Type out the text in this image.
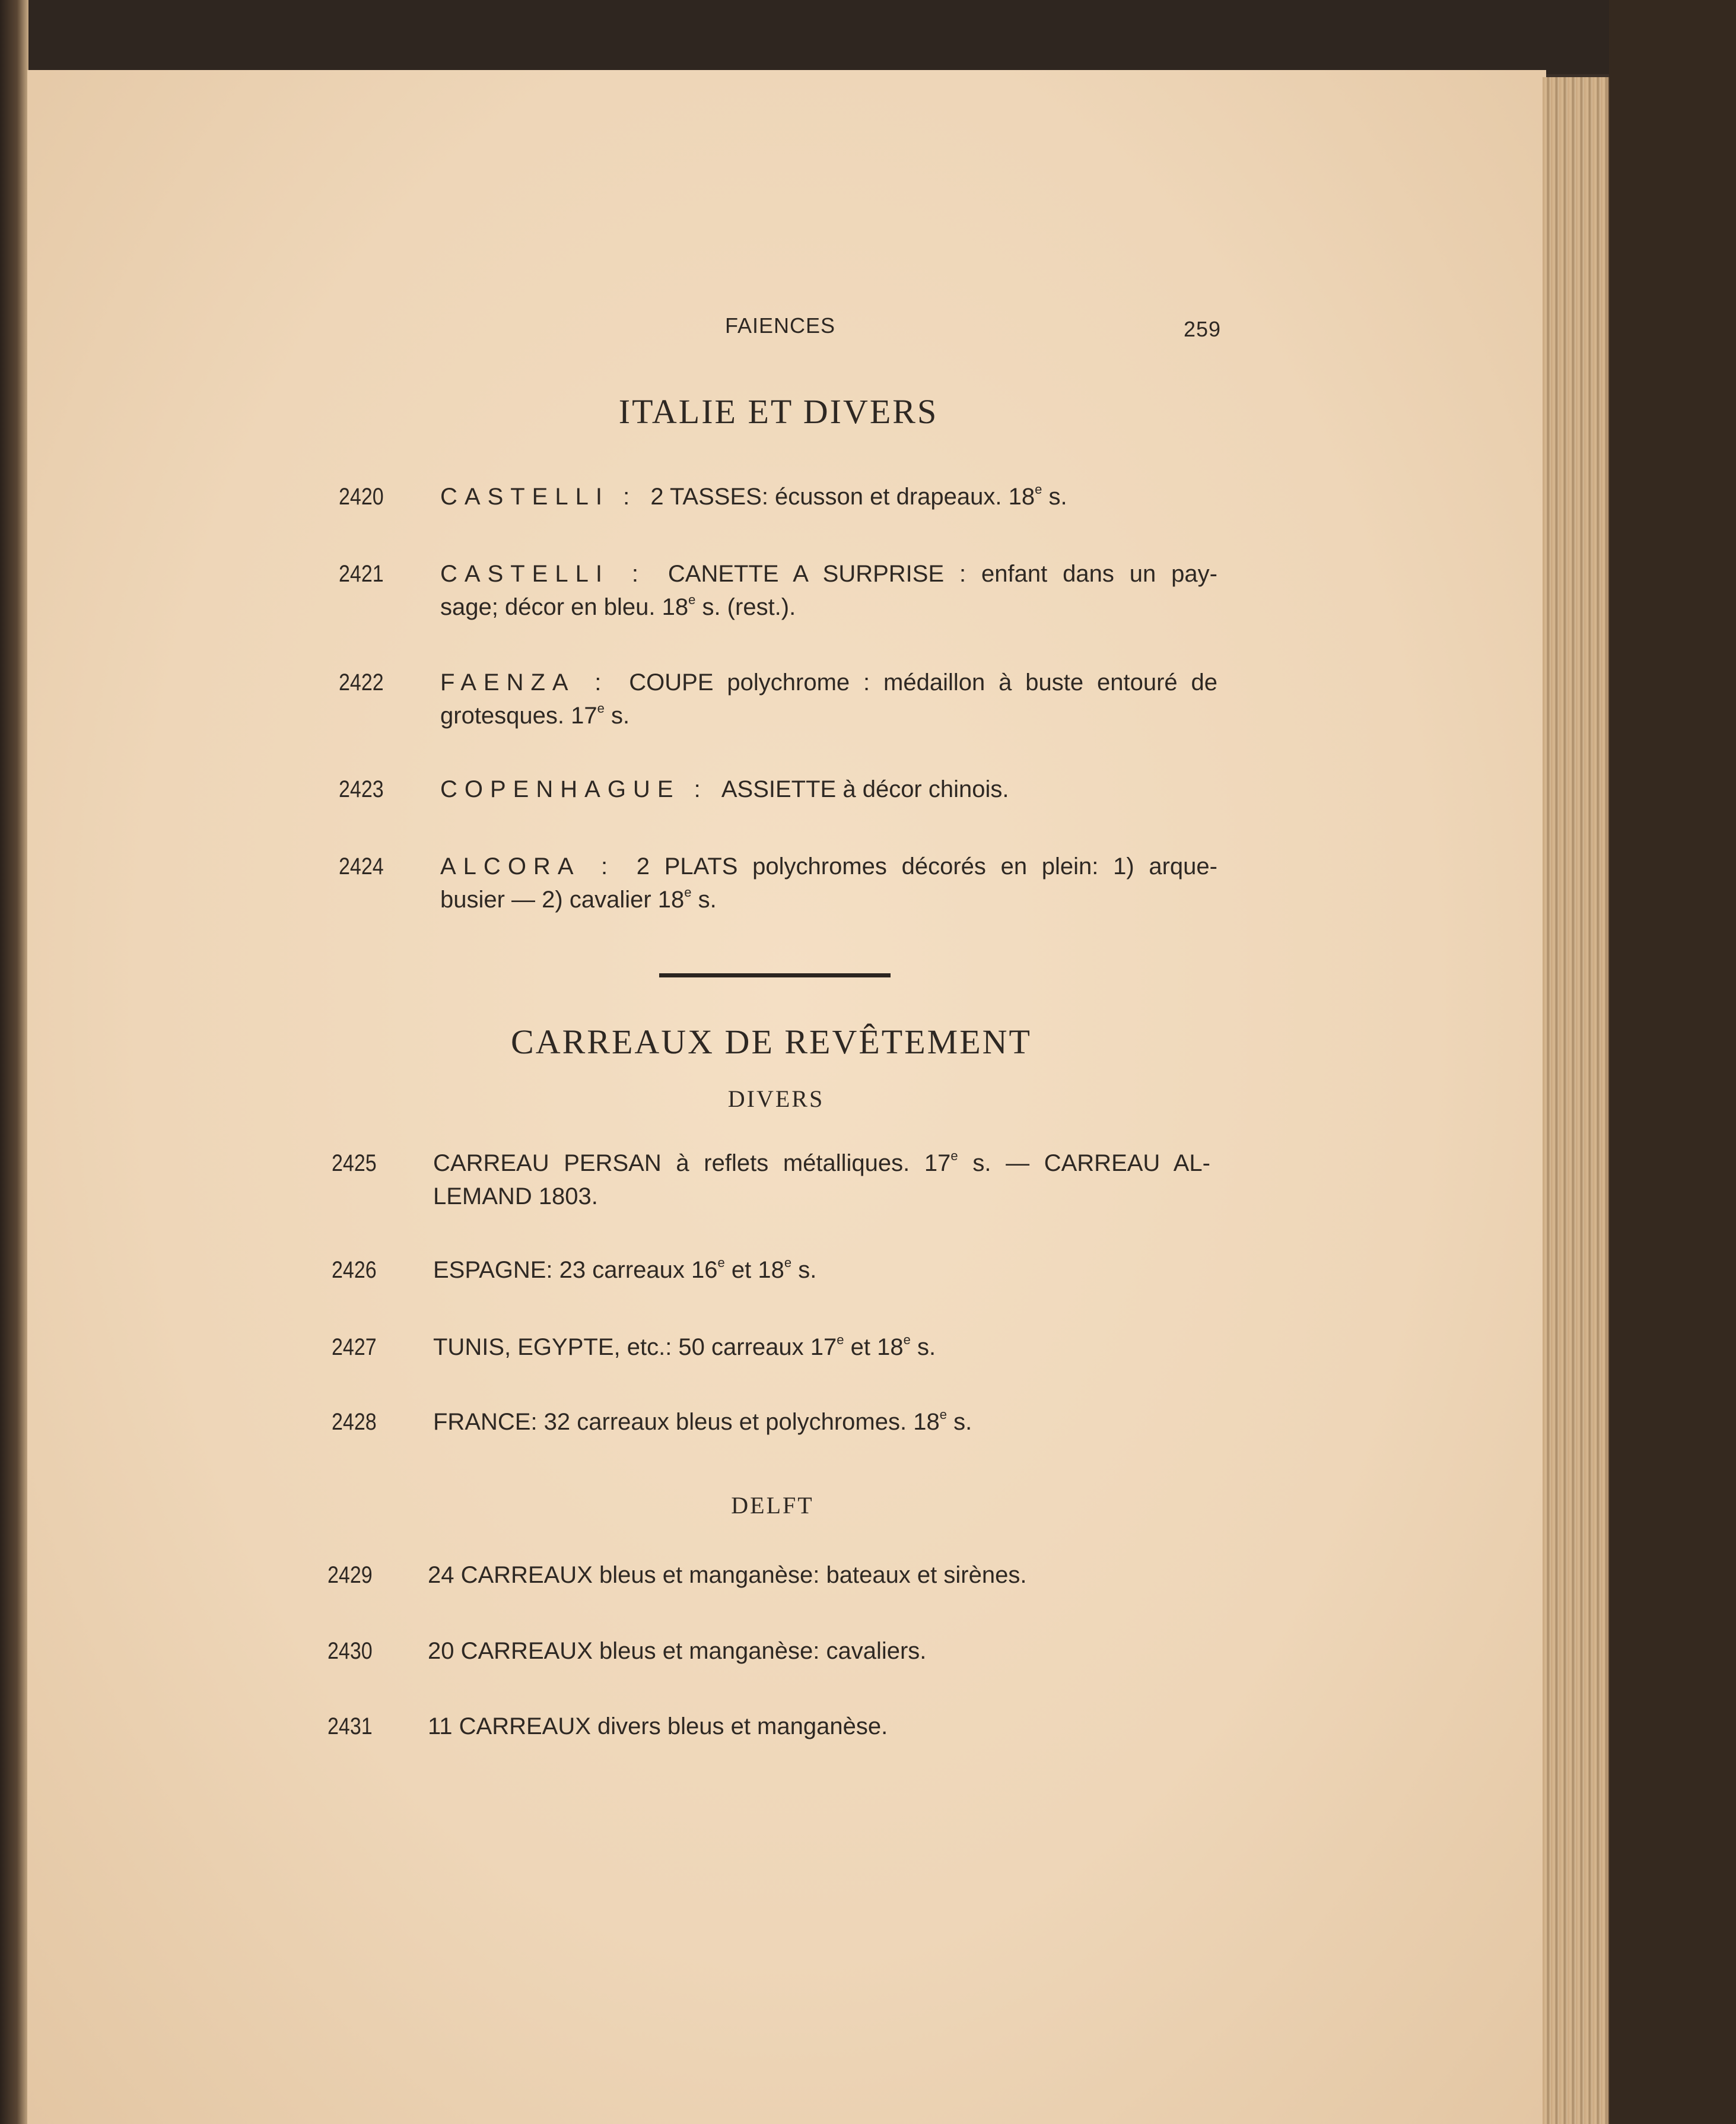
FAIENCES	259
ITALIE ET DIVERS
CARREAUX DE REVÊTEMENT
DIVERS
DELFT
2420 CASTELLI : 2 TASSES: écusson et drapeaux. 18e s.
2421 CASTELLI : CANETTE A SURPRISE : enfant dans un pay-
sage; décor en bleu. 18e s. (rest.).
2422 FAENZA : COUPE polychrome : médaillon à buste entouré de
grotesques. 17e s.
2423 COPENHAGUE : ASSIETTE à décor chinois.
2424 ALCORA : 2 PLATS polychromes décorés en plein: 1) arque-
busier — 2) cavalier 18e s.
2425 CARREAU PERSAN à reflets métalliques. 17e s. — CARREAU AL-
LEMAND 1803.
2426 ESPAGNE: 23 carreaux 16e et 18e s.
2427 TUNIS, EGYPTE, etc.: 50 carreaux 17e et 18e s.
2428 FRANCE: 32 carreaux bleus et polychromes. 18e s.
2429 24 CARREAUX bleus et manganèse: bateaux et sirènes.
2430 20 CARREAUX bleus et manganèse: cavaliers.
2431 11 CARREAUX divers bleus et manganèse.
